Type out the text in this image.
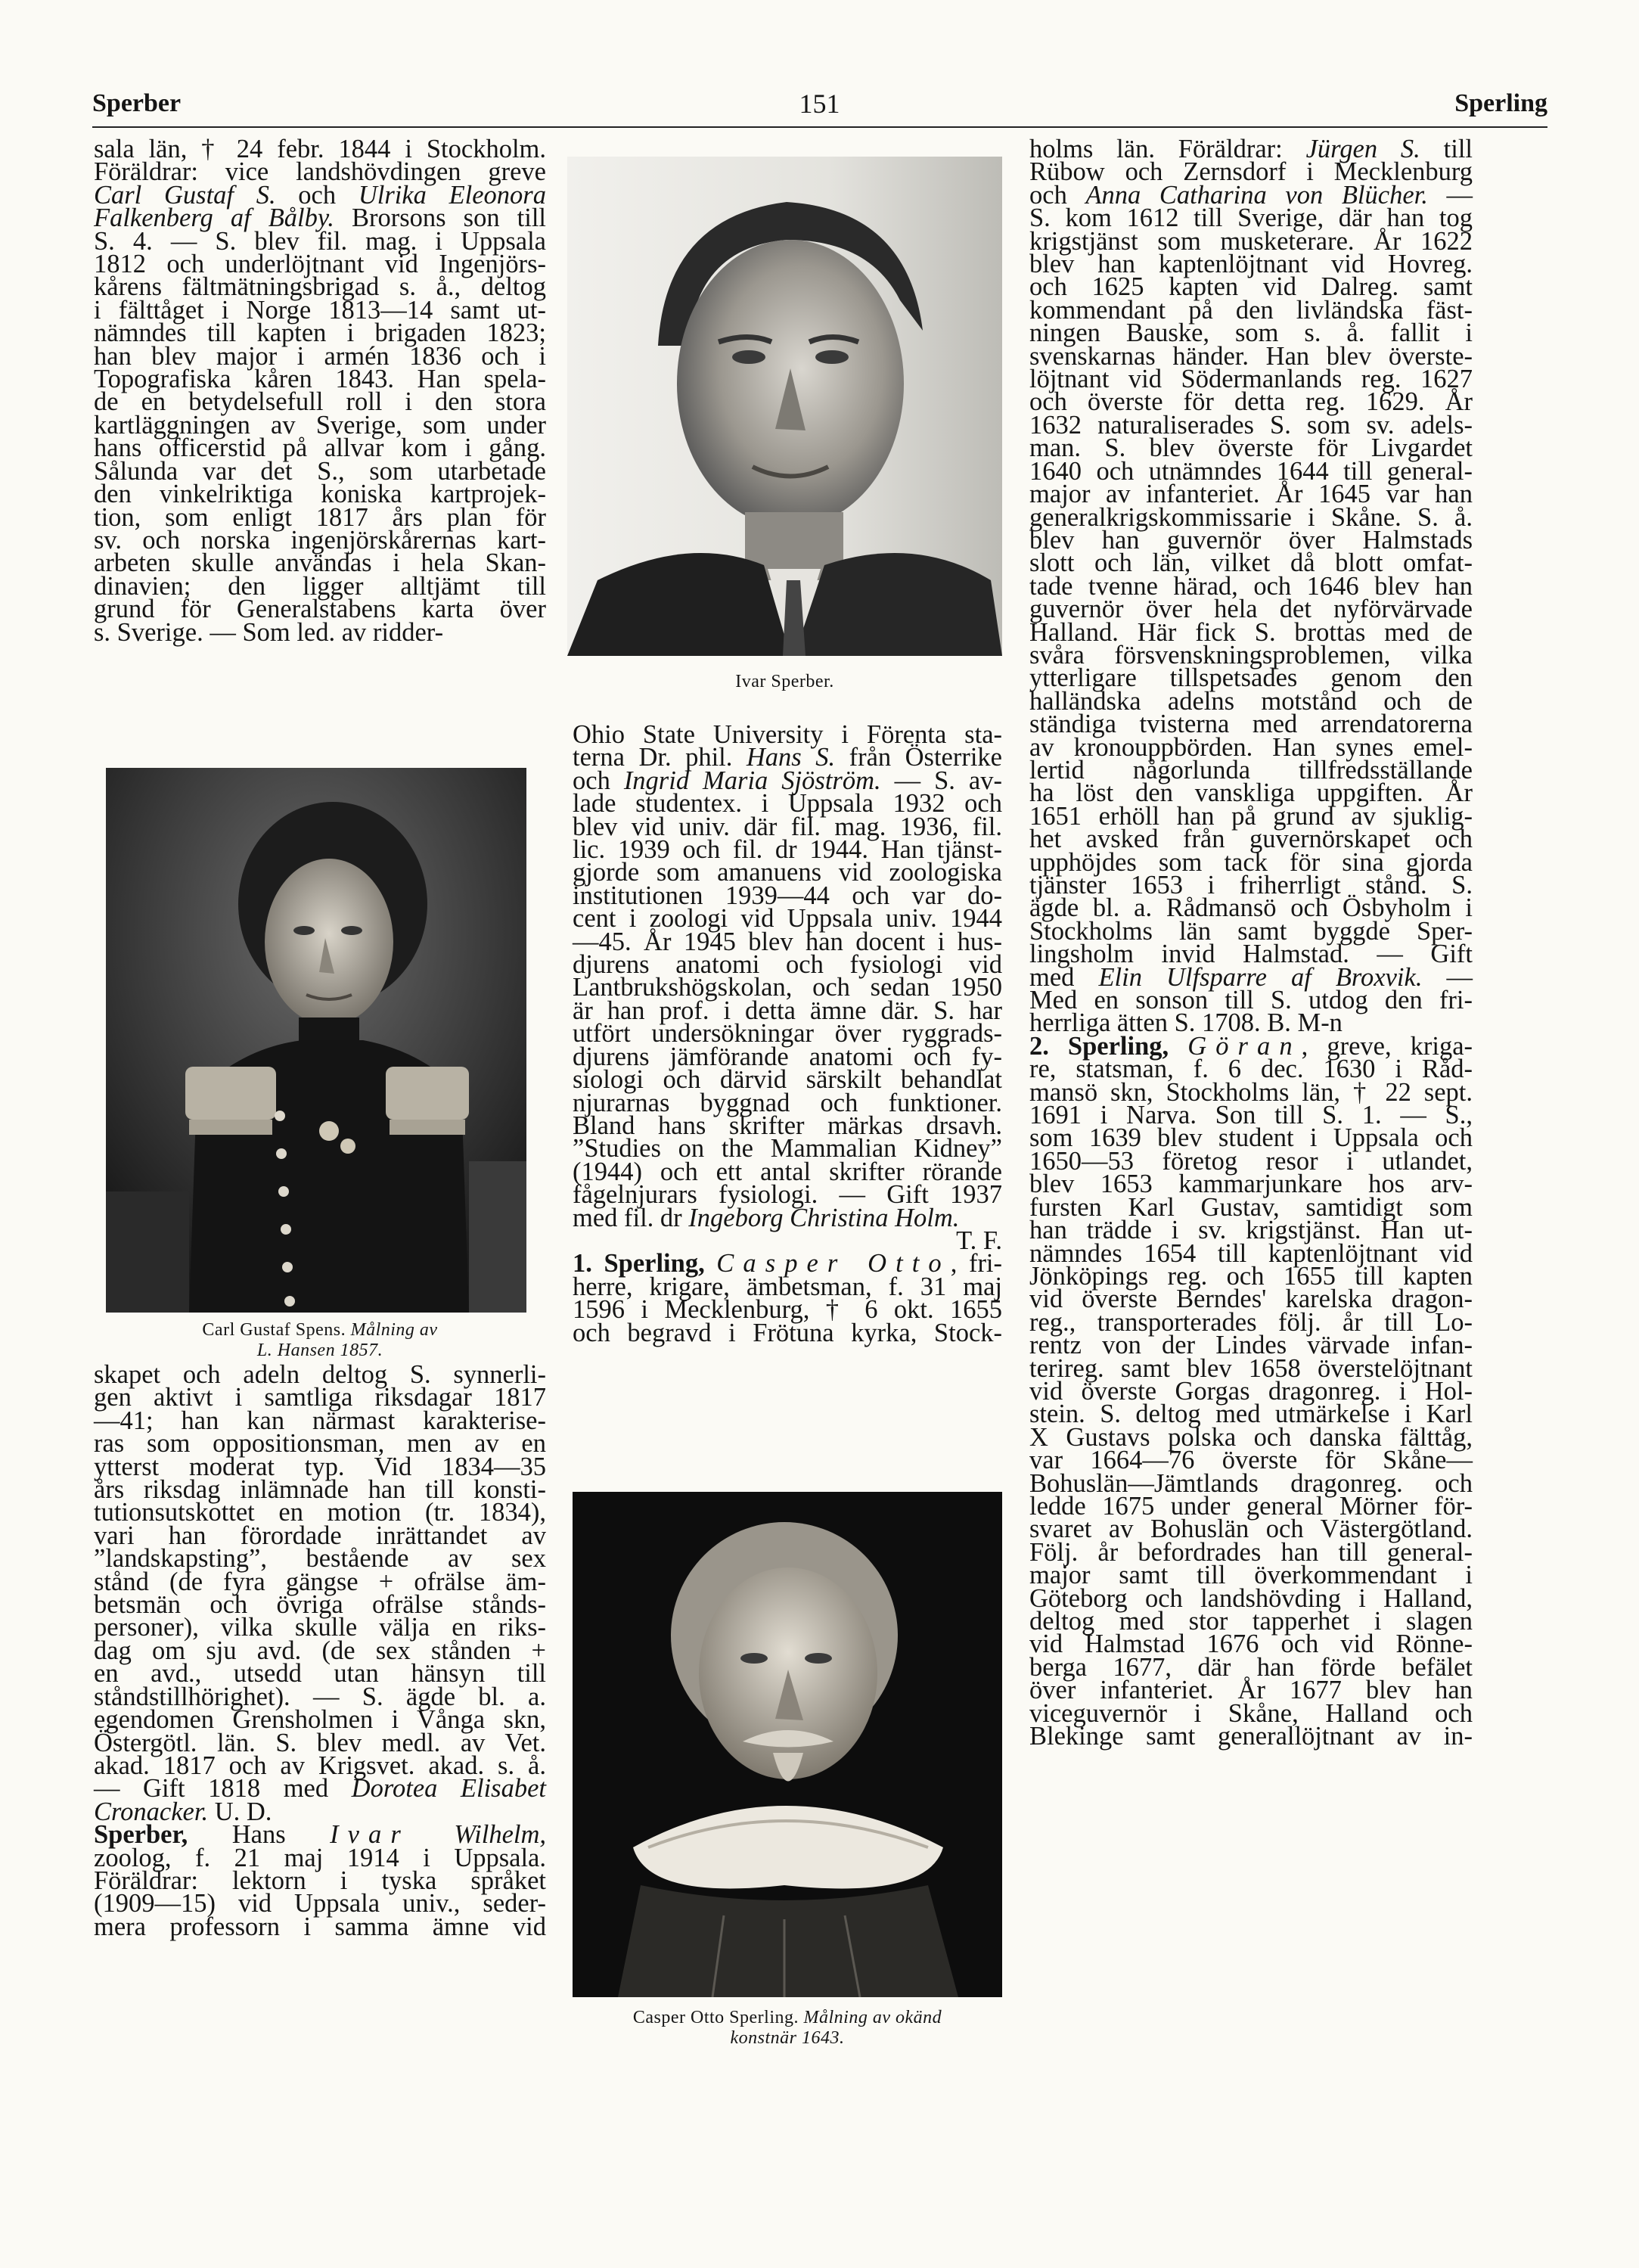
Sperber	151	Sperling
sala län, † 24 febr. 1844 i Stockholm.
Föräldrar: vice landshövdingen greve
Carl Gustaf S. och Ulrika Eleonora
Falkenberg af Bålby. Brorsons son till
S. 4. — S. blev fil. mag. i Uppsala
1812 och underlöjtnant vid Ingenjörs-
kårens fältmätningsbrigad s. å., deltog
i fälttåget i Norge 1813—14 samt ut-
nämndes till kapten i brigaden 1823;
han blev major i armén 1836 och i
Topografiska kåren 1843. Han spela-
de en betydelsefull roll i den stora
kartläggningen av Sverige, som under
hans officerstid på allvar kom i gång.
Sålunda var det S., som utarbetade
den vinkelriktiga koniska kartprojek-
tion, som enligt 1817 års plan för
sv. och norska ingenjörskårernas kart-
arbeten skulle användas i hela Skan-
dinavien; den ligger alltjämt till
grund för Generalstabens karta över
s. Sverige. — Som led. av ridder-
Carl Gustaf Spens. Målning av
L. Hansen 1857.
skapet och adeln deltog S. synnerli-
gen aktivt i samtliga riksdagar 1817
—41; han kan närmast karakterise-
ras som oppositionsman, men av en
ytterst moderat typ. Vid 1834—35
års riksdag inlämnade han till konsti-
tutionsutskottet en motion (tr. 1834),
vari han förordade inrättandet av
”landskapsting”, bestående av sex
stånd (de fyra gängse + ofrälse äm-
betsmän och övriga ofrälse stånds-
personer), vilka skulle välja en riks-
dag om sju avd. (de sex stånden +
en avd., utsedd utan hänsyn till
ståndstillhörighet). — S. ägde bl. a.
egendomen Grensholmen i Vånga skn,
Östergötl. län. S. blev medl. av Vet.
akad. 1817 och av Krigsvet. akad. s. å.
— Gift 1818 med Dorotea Elisabet
Cronacker. U. D.
Sperber, Hans Ivar Wilhelm,
zoolog, f. 21 maj 1914 i Uppsala.
Föräldrar: lektorn i tyska språket
(1909—15) vid Uppsala univ., seder-
mera professorn i samma ämne vid
Ivar Sperber.
Ohio State University i Förenta sta-
terna Dr. phil. Hans S. från Österrike
och Ingrid Maria Sjöström. — S. av-
lade studentex. i Uppsala 1932 och
blev vid univ. där fil. mag. 1936, fil.
lic. 1939 och fil. dr 1944. Han tjänst-
gjorde som amanuens vid zoologiska
institutionen 1939—44 och var do-
cent i zoologi vid Uppsala univ. 1944
—45. År 1945 blev han docent i hus-
djurens anatomi och fysiologi vid
Lantbrukshögskolan, och sedan 1950
är han prof. i detta ämne där. S. har
utfört undersökningar över ryggrads-
djurens jämförande anatomi och fy-
siologi och därvid särskilt behandlat
njurarnas byggnad och funktioner.
Bland hans skrifter märkas drsavh.
”Studies on the Mammalian Kidney”
(1944) och ett antal skrifter rörande
fågelnjurars fysiologi. — Gift 1937
med fil. dr Ingeborg Christina Holm.
T. F.
1. Sperling, Casper Otto, fri-
herre, krigare, ämbetsman, f. 31 maj
1596 i Mecklenburg, † 6 okt. 1655
och begravd i Frötuna kyrka, Stock-
Casper Otto Sperling. Målning av okänd
konstnär 1643.
holms län. Föräldrar: Jürgen S. till
Rübow och Zernsdorf i Mecklenburg
och Anna Catharina von Blücher. —
S. kom 1612 till Sverige, där han tog
krigstjänst som musketerare. År 1622
blev han kaptenlöjtnant vid Hovreg.
och 1625 kapten vid Dalreg. samt
kommendant på den livländska fäst-
ningen Bauske, som s. å. fallit i
svenskarnas händer. Han blev överste-
löjtnant vid Södermanlands reg. 1627
och överste för detta reg. 1629. År
1632 naturaliserades S. som sv. adels-
man. S. blev överste för Livgardet
1640 och utnämndes 1644 till general-
major av infanteriet. År 1645 var han
generalkrigskommissarie i Skåne. S. å.
blev han guvernör över Halmstads
slott och län, vilket då blott omfat-
tade tvenne härad, och 1646 blev han
guvernör över hela det nyförvärvade
Halland. Här fick S. brottas med de
svåra försvenskningsproblemen, vilka
ytterligare tillspetsades genom den
halländska adelns motstånd och de
ständiga tvisterna med arrendatorerna
av kronouppbörden. Han synes emel-
lertid någorlunda tillfredsställande
ha löst den vanskliga uppgiften. År
1651 erhöll han på grund av sjuklig-
het avsked från guvernörskapet och
upphöjdes som tack för sina gjorda
tjänster 1653 i friherrligt stånd. S.
ägde bl. a. Rådmansö och Ösbyholm i
Stockholms län samt byggde Sper-
lingsholm invid Halmstad. — Gift
med Elin Ulfsparre af Broxvik. —
Med en sonson till S. utdog den fri-
herrliga ätten S. 1708. B. M-n
2. Sperling, Göran, greve, kriga-
re, statsman, f. 6 dec. 1630 i Råd-
mansö skn, Stockholms län, † 22 sept.
1691 i Narva. Son till S. 1. — S.,
som 1639 blev student i Uppsala och
1650—53 företog resor i utlandet,
blev 1653 kammarjunkare hos arv-
fursten Karl Gustav, samtidigt som
han trädde i sv. krigstjänst. Han ut-
nämndes 1654 till kaptenlöjtnant vid
Jönköpings reg. och 1655 till kapten
vid överste Berndes' karelska dragon-
reg., transporterades följ. år till Lo-
rentz von der Lindes värvade infan-
terireg. samt blev 1658 överstelöjtnant
vid överste Gorgas dragonreg. i Hol-
stein. S. deltog med utmärkelse i Karl
X Gustavs polska och danska fälttåg,
var 1664—76 överste för Skåne—
Bohuslän—Jämtlands dragonreg. och
ledde 1675 under general Mörner för-
svaret av Bohuslän och Västergötland.
Följ. år befordrades han till general-
major samt till överkommendant i
Göteborg och landshövding i Halland,
deltog med stor tapperhet i slagen
vid Halmstad 1676 och vid Rönne-
berga 1677, där han förde befälet
över infanteriet. År 1677 blev han
viceguvernör i Skåne, Halland och
Blekinge samt generallöjtnant av in-
